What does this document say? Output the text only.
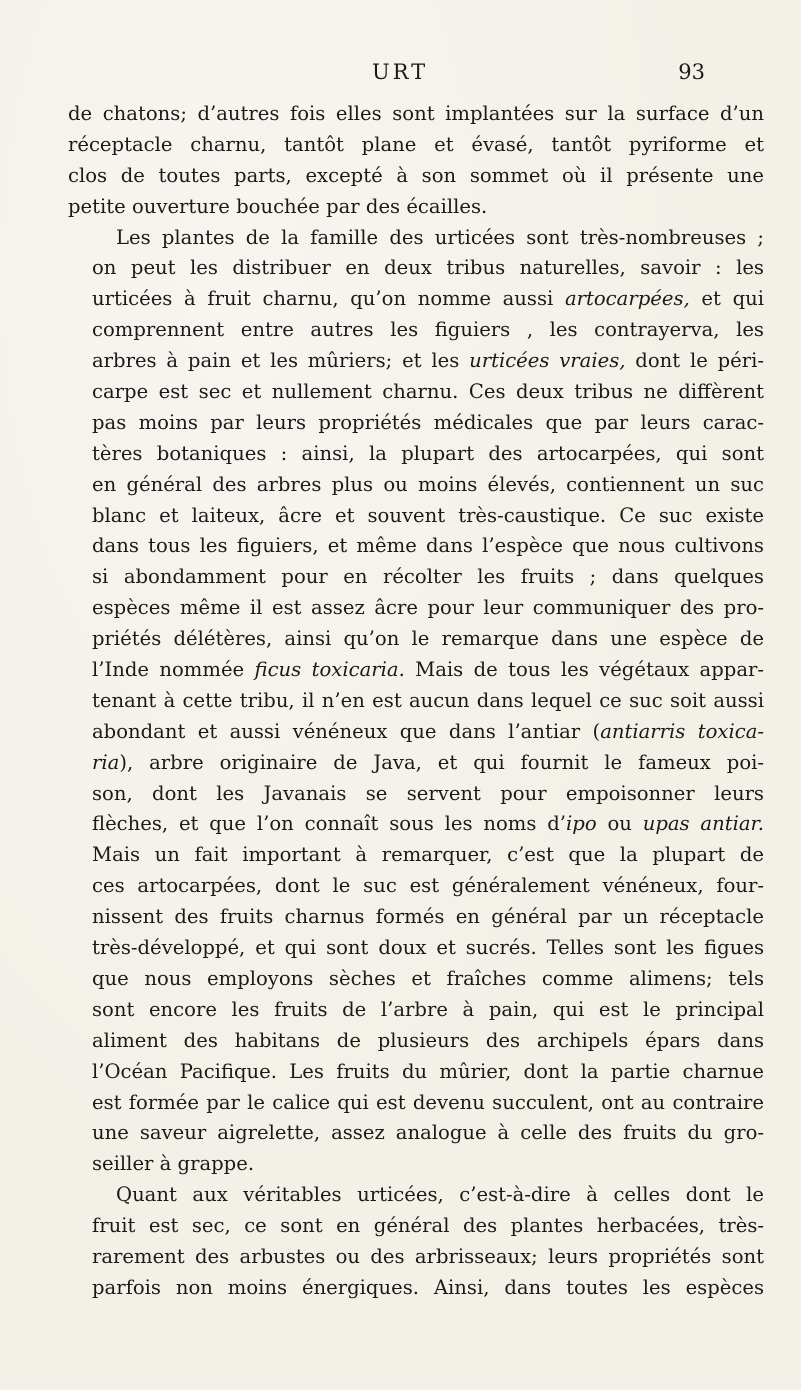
URT	93
de chatons; d’autres fois elles sont implantées sur la surface d’un
réceptacle charnu, tantôt plane et évasé, tantôt pyriforme et
clos de toutes parts, excepté à son sommet où il présente une
petite ouverture bouchée par des écailles.
Les plantes de la famille des urticées sont très-nombreuses ;
on peut les distribuer en deux tribus naturelles, savoir : les
urticées à fruit charnu, qu’on nomme aussi artocarpées, et qui
comprennent entre autres les figuiers , les contrayerva, les
arbres à pain et les mûriers; et les urticées vraies, dont le péri-
carpe est sec et nullement charnu. Ces deux tribus ne diffèrent
pas moins par leurs propriétés médicales que par leurs carac-
tères botaniques : ainsi, la plupart des artocarpées, qui sont
en général des arbres plus ou moins élevés, contiennent un suc
blanc et laiteux, âcre et souvent très-caustique. Ce suc existe
dans tous les figuiers, et même dans l’espèce que nous cultivons
si abondamment pour en récolter les fruits ; dans quelques
espèces même il est assez âcre pour leur communiquer des pro-
priétés délétères, ainsi qu’on le remarque dans une espèce de
l’Inde nommée ficus toxicaria. Mais de tous les végétaux appar-
tenant à cette tribu, il n’en est aucun dans lequel ce suc soit aussi
abondant et aussi vénéneux que dans l’antiar (antiarris toxica-
ria), arbre originaire de Java, et qui fournit le fameux poi-
son, dont les Javanais se servent pour empoisonner leurs
flèches, et que l’on connaît sous les noms d’ipo ou upas antiar.
Mais un fait important à remarquer, c’est que la plupart de
ces artocarpées, dont le suc est généralement vénéneux, four-
nissent des fruits charnus formés en général par un réceptacle
très-développé, et qui sont doux et sucrés. Telles sont les figues
que nous employons sèches et fraîches comme alimens; tels
sont encore les fruits de l’arbre à pain, qui est le principal
aliment des habitans de plusieurs des archipels épars dans
l’Océan Pacifique. Les fruits du mûrier, dont la partie charnue
est formée par le calice qui est devenu succulent, ont au contraire
une saveur aigrelette, assez analogue à celle des fruits du gro-
seiller à grappe.
Quant aux véritables urticées, c’est-à-dire à celles dont le
fruit est sec, ce sont en général des plantes herbacées, très-
rarement des arbustes ou des arbrisseaux; leurs propriétés sont
parfois non moins énergiques. Ainsi, dans toutes les espèces
